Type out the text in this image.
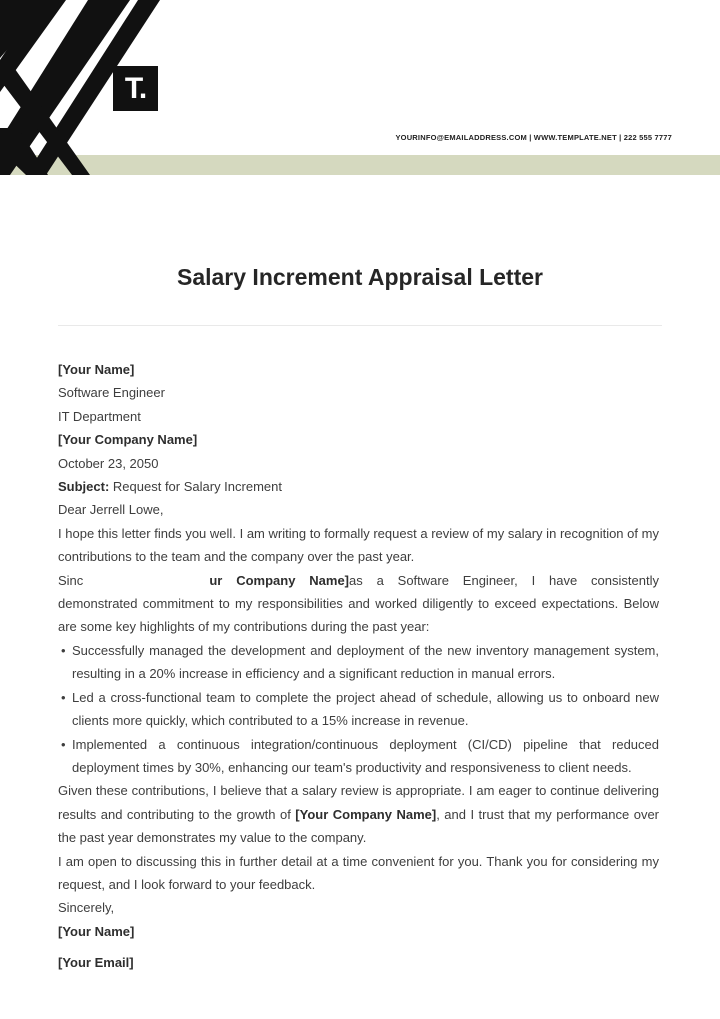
T.
YOURINFO@EMAILADDRESS.COM | WWW.TEMPLATE.NET | 222 555 7777
Salary Increment Appraisal Letter
[Your Name]
Software Engineer
IT Department
[Your Company Name]
October 23, 2050
Subject: Request for Salary Increment
Dear Jerrell Lowe,
I hope this letter finds you well. I am writing to formally request a review of my salary in recognition of my contributions to the team and the company over the past year.
Sinceyeeeeeeeeeeeee[Your Company Name]as a Software Engineer, I have consistently demonstrated commitment to my responsibilities and worked diligently to exceed expectations. Below are some key highlights of my contributions during the past year:
• Successfully managed the development and deployment of the new inventory management system, resulting in a 20% increase in efficiency and a significant reduction in manual errors.
• Led a cross-functional team to complete the project ahead of schedule, allowing us to onboard new clients more quickly, which contributed to a 15% increase in revenue.
• Implemented a continuous integration/continuous deployment (CI/CD) pipeline that reduced deployment times by 30%, enhancing our team's productivity and responsiveness to client needs.
Given these contributions, I believe that a salary review is appropriate. I am eager to continue delivering results and contributing to the growth of [Your Company Name], and I trust that my performance over the past year demonstrates my value to the company.
I am open to discussing this in further detail at a time convenient for you. Thank you for considering my request, and I look forward to your feedback.
Sincerely,
[Your Name]
[Your Email]
